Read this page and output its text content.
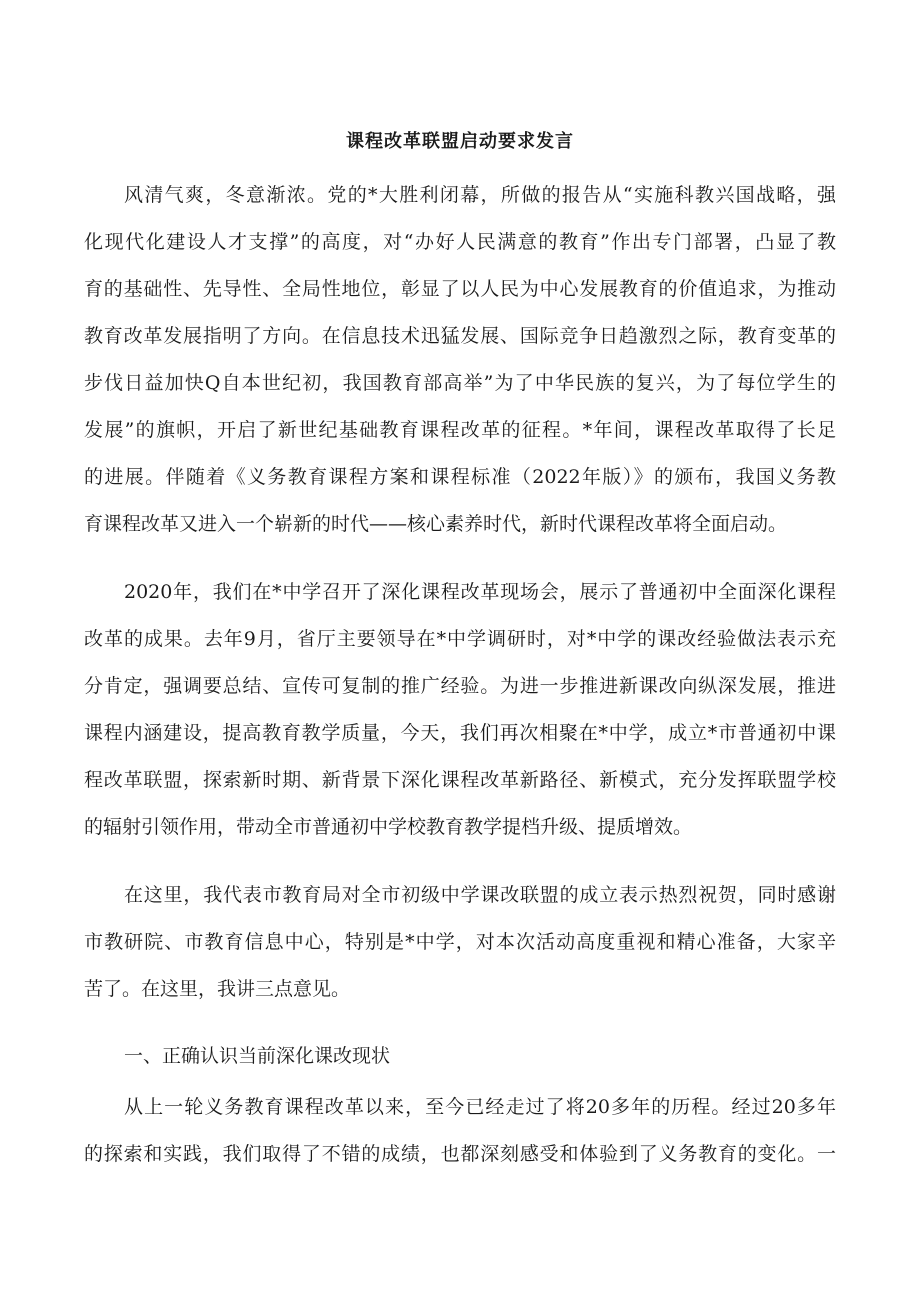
课程改革联盟启动要求发言

风清气爽，冬意渐浓。党的*大胜利闭幕，所做的报告从“实施科教兴国战略，强

化现代化建设人才支撑”的高度，对“办好人民满意的教育”作出专门部署，凸显了教

育的基础性、先导性、全局性地位，彰显了以人民为中心发展教育的价值追求，为推动

教育改革发展指明了方向。在信息技术迅猛发展、国际竞争日趋激烈之际，教育变革的

步伐日益加快Q自本世纪初，我国教育部高举”为了中华民族的复兴，为了每位学生的

发展”的旗帜，开启了新世纪基础教育课程改革的征程。*年间，课程改革取得了长足

的进展。伴随着《义务教育课程方案和课程标准（2022年版）》的颁布，我国义务教

育课程改革又进入一个崭新的时代——核心素养时代，新时代课程改革将全面启动。

2020年，我们在*中学召开了深化课程改革现场会，展示了普通初中全面深化课程

改革的成果。去年9月，省厅主要领导在*中学调研时，对*中学的课改经验做法表示充

分肯定，强调要总结、宣传可复制的推广经验。为进一步推进新课改向纵深发展，推进

课程内涵建设，提高教育教学质量，今天，我们再次相聚在*中学，成立*市普通初中课

程改革联盟，探索新时期、新背景下深化课程改革新路径、新模式，充分发挥联盟学校

的辐射引领作用，带动全市普通初中学校教育教学提档升级、提质增效。

在这里，我代表市教育局对全市初级中学课改联盟的成立表示热烈祝贺，同时感谢

市教研院、市教育信息中心，特别是*中学，对本次活动高度重视和精心准备，大家辛

苦了。在这里，我讲三点意见。

一、正确认识当前深化课改现状

从上一轮义务教育课程改革以来，至今已经走过了将20多年的历程。经过20多年

的探索和实践，我们取得了不错的成绩，也都深刻感受和体验到了义务教育的变化。一
